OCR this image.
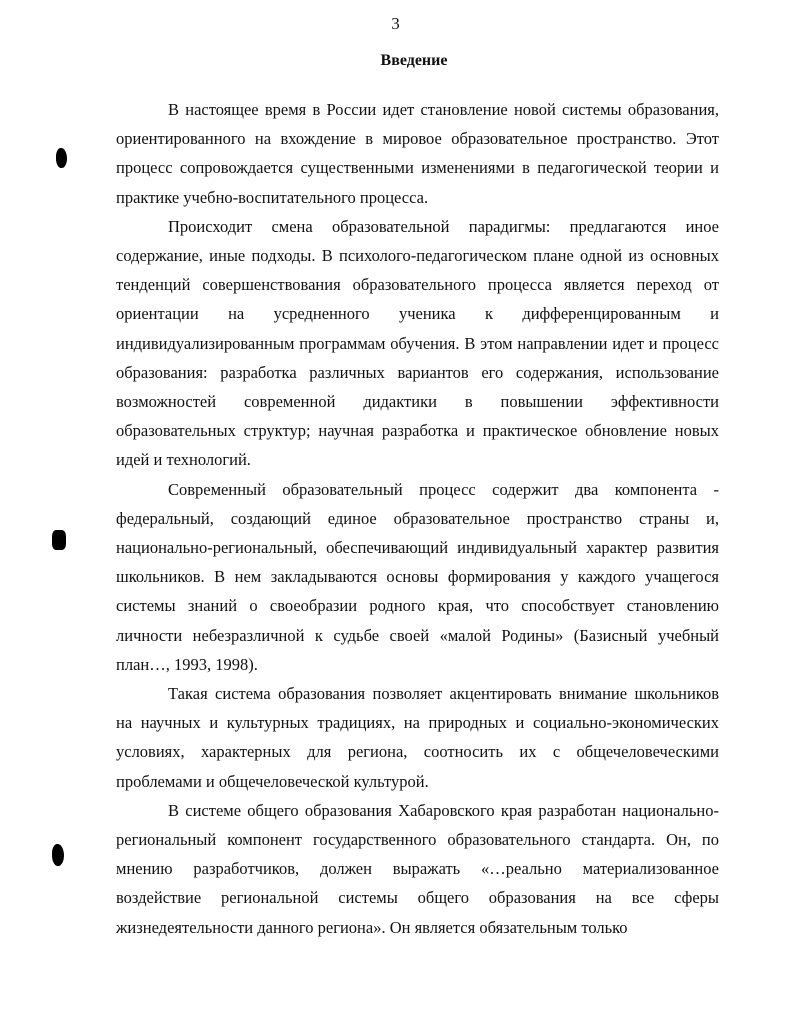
3
Введение

В настоящее время в России идет становление новой системы образования, ориентированного на вхождение в мировое образовательное пространство. Этот процесс сопровождается существенными изменениями в педагогической теории и практике учебно-воспитательного процесса.

Происходит смена образовательной парадигмы: предлагаются иное содержание, иные подходы. В психолого-педагогическом плане одной из основных тенденций совершенствования образовательного процесса является переход от ориентации на усредненного ученика к дифференцированным и индивидуализированным программам обучения. В этом направлении идет и процесс образования: разработка различных вариантов его содержания, использование возможностей современной дидактики в повышении эффективности образовательных структур; научная разработка и практическое обновление новых идей и технологий.

Современный образовательный процесс содержит два компонента - федеральный, создающий единое образовательное пространство страны и, национально-региональный, обеспечивающий индивидуальный характер развития школьников. В нем закладываются основы формирования у каждого учащегося системы знаний о своеобразии родного края, что способствует становлению личности небезразличной к судьбе своей «малой Родины» (Базисный учебный план…, 1993, 1998).

Такая система образования позволяет акцентировать внимание школьников на научных и культурных традициях, на природных и социально-экономических условиях, характерных для региона, соотносить их с общечеловеческими проблемами и общечеловеческой культурой.

В системе общего образования Хабаровского края разработан национально-региональный компонент государственного образовательного стандарта. Он, по мнению разработчиков, должен выражать «…реально материализованное воздействие региональной системы общего образования на все сферы жизнедеятельности данного региона». Он является обязательным только
